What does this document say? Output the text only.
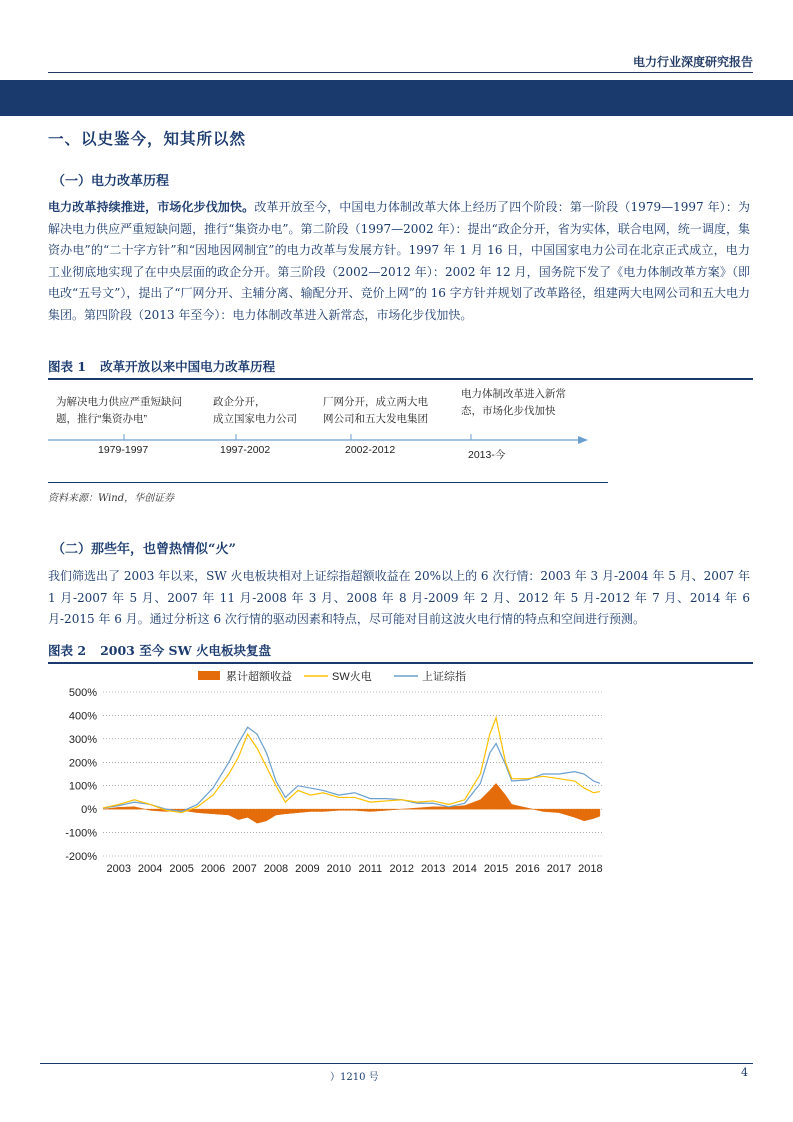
电力行业深度研究报告
一、以史鉴今，知其所以然
（一）电力改革历程
电力改革持续推进，市场化步伐加快。改革开放至今，中国电力体制改革大体上经历了四个阶段：第一阶段（1979—1997 年）：为解决电力供应严重短缺问题，推行“集资办电”。第二阶段（1997—2002 年）：提出“政企分开，省为实体，联合电网，统一调度，集资办电”的“二十字方针”和“因地因网制宜”的电力改革与发展方针。1997 年 1 月 16 日，中国国家电力公司在北京正式成立，电力工业彻底地实现了在中央层面的政企分开。第三阶段（2002—2012 年）：2002 年 12 月，国务院下发了《电力体制改革方案》（即电改“五号文”），提出了“厂网分开、主辅分离、输配分开、竞价上网”的 16 字方针并规划了改革路径，组建两大电网公司和五大电力集团。第四阶段（2013 年至今）：电力体制改革进入新常态，市场化步伐加快。
图表 1 改革开放以来中国电力改革历程
为解决电力供应严重短缺问
题，推行“集资办电”
政企分开，
成立国家电力公司
厂网分开，成立两大电
网公司和五大发电集团
电力体制改革进入新常
态，市场化步伐加快
1979-1997	1997-2002	2002-2012	2013-今
资料来源：Wind，华创证券
（二）那些年，也曾热情似“火”
我们筛选出了 2003 年以来，SW 火电板块相对上证综指超额收益在 20%以上的 6 次行情：2003 年 3 月-2004 年 5 月、2007 年 1 月-2007 年 5 月、2007 年 11 月-2008 年 3 月、2008 年 8 月-2009 年 2 月、2012 年 5 月-2012 年 7 月、2014 年 6 月-2015 年 6 月。通过分析这 6 次行情的驱动因素和特点，尽可能对目前这波火电行情的特点和空间进行预测。
图表 2 2003 至今 SW 火电板块复盘
500%
400%
300%
200%
100%
0%
-100%
-200%
2003 2004 2005 2006 2007 2008 2009 2010 2011 2012 2013 2014 2015 2016 2017 2018
累计超额收益	SW火电	上证综指
）1210 号	4
